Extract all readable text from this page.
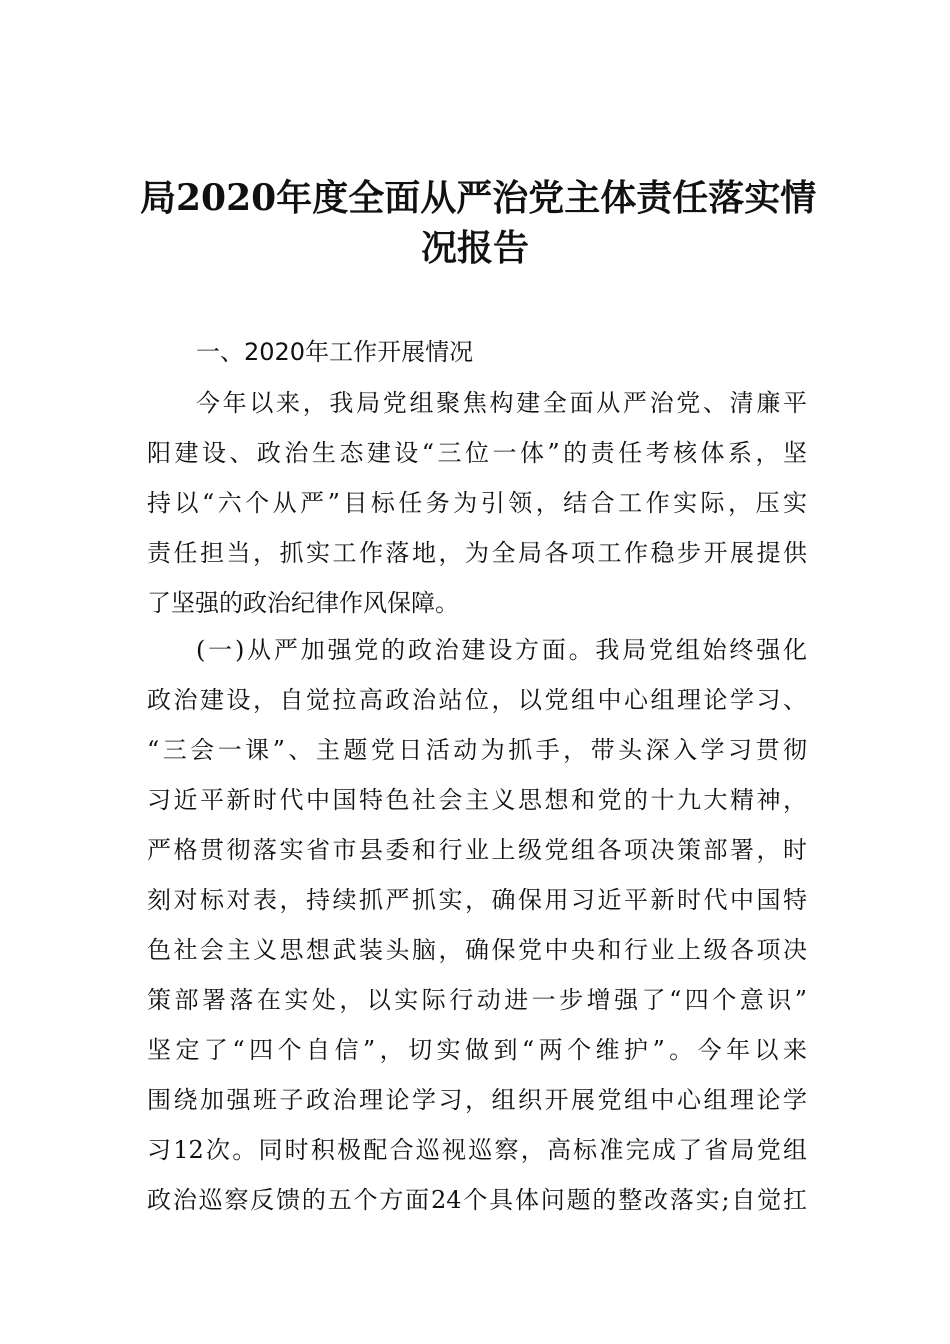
局2020年度全面从严治党主体责任落实情
况报告
一、2020年工作开展情况
今年以来，我局党组聚焦构建全面从严治党、清廉平
阳建设、政治生态建设“三位一体”的责任考核体系，坚
持以“六个从严”目标任务为引领，结合工作实际，压实
责任担当，抓实工作落地，为全局各项工作稳步开展提供
了坚强的政治纪律作风保障。
(一)从严加强党的政治建设方面。我局党组始终强化
政治建设，自觉拉高政治站位，以党组中心组理论学习、
“三会一课”、主题党日活动为抓手，带头深入学习贯彻
习近平新时代中国特色社会主义思想和党的十九大精神，
严格贯彻落实省市县委和行业上级党组各项决策部署，时
刻对标对表，持续抓严抓实，确保用习近平新时代中国特
色社会主义思想武装头脑，确保党中央和行业上级各项决
策部署落在实处，以实际行动进一步增强了“四个意识”
坚定了“四个自信”，切实做到“两个维护”。今年以来
围绕加强班子政治理论学习，组织开展党组中心组理论学
习12次。同时积极配合巡视巡察，高标准完成了省局党组
政治巡察反馈的五个方面24个具体问题的整改落实;自觉扛
